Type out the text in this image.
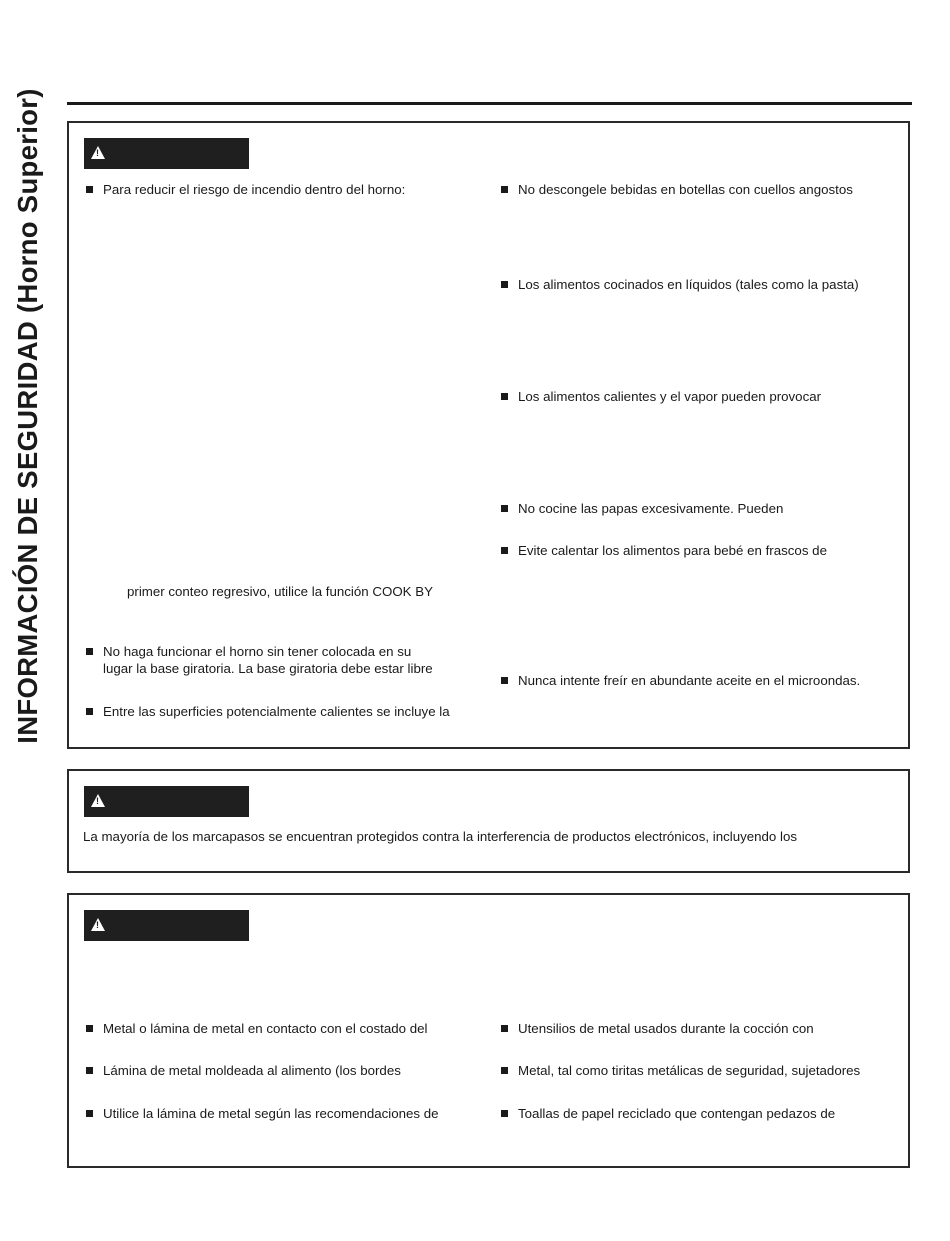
INFORMACIÓN DE SEGURIDAD (Horno Superior)
!	Para reducir el riesgo de incendio dentro del horno:
primer conteo regresivo, utilice la función COOK BY
No haga funcionar el horno sin tener colocada en su
lugar la base giratoria. La base giratoria debe estar libre
Entre las superficies potencialmente calientes se incluye la
No descongele bebidas en botellas con cuellos angostos
Los alimentos cocinados en líquidos (tales como la pasta)
Los alimentos calientes y el vapor pueden provocar
No cocine las papas excesivamente. Pueden
Evite calentar los alimentos para bebé en frascos de
Nunca intente freír en abundante aceite en el microondas.
!
La mayoría de los marcapasos se encuentran protegidos contra la interferencia de productos electrónicos, incluyendo los
!
Metal o lámina de metal en contacto con el costado del
Lámina de metal moldeada al alimento (los bordes
Utilice la lámina de metal según las recomendaciones de
Utensilios de metal usados durante la cocción con
Metal, tal como tiritas metálicas de seguridad, sujetadores
Toallas de papel reciclado que contengan pedazos de
